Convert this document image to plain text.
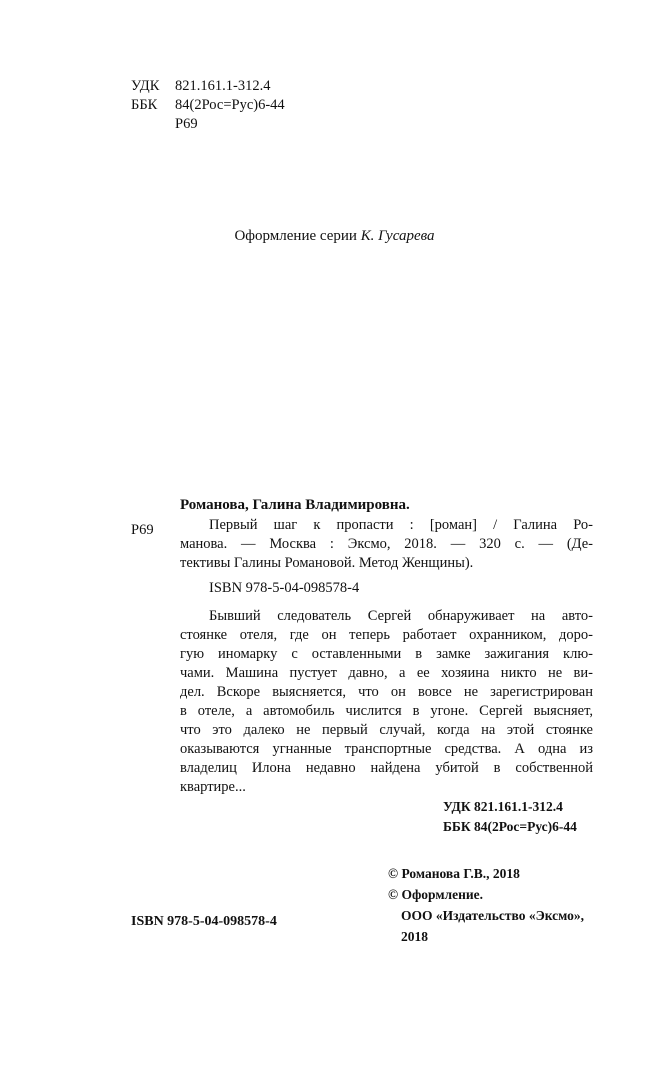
УДК 821.161.1-312.4
ББК 84(2Рос=Рус)6-44
Р69
Оформление серии К. Гусарева
Р69
Романова, Галина Владимировна.
Первый шаг к пропасти : [роман] / Галина Ро-
манова. — Москва : Эксмо, 2018. — 320 с. — (Де-
тективы Галины Романовой. Метод Женщины).
ISBN 978-5-04-098578-4
Бывший следователь Сергей обнаруживает на авто-
стоянке отеля, где он теперь работает охранником, дорo-
гую иномарку с оставленными в замке зажигания клю-
чами. Машина пустует давно, а ее хозяина никто не ви-
дел. Вскоре выясняется, что он вовсе не зарегистрирован
в отеле, а автомобиль числится в угоне. Сергей выясняет,
что это далеко не первый случай, когда на этой стоянке
оказываются угнанные транспортные средства. А одна из
владелиц Илона недавно найдена убитой в собственной
квартире...
УДК 821.161.1-312.4
ББК 84(2Рос=Рус)6-44
© Романова Г.В., 2018
© Оформление.
ООО «Издательство «Эксмо»,
2018
ISBN 978-5-04-098578-4
